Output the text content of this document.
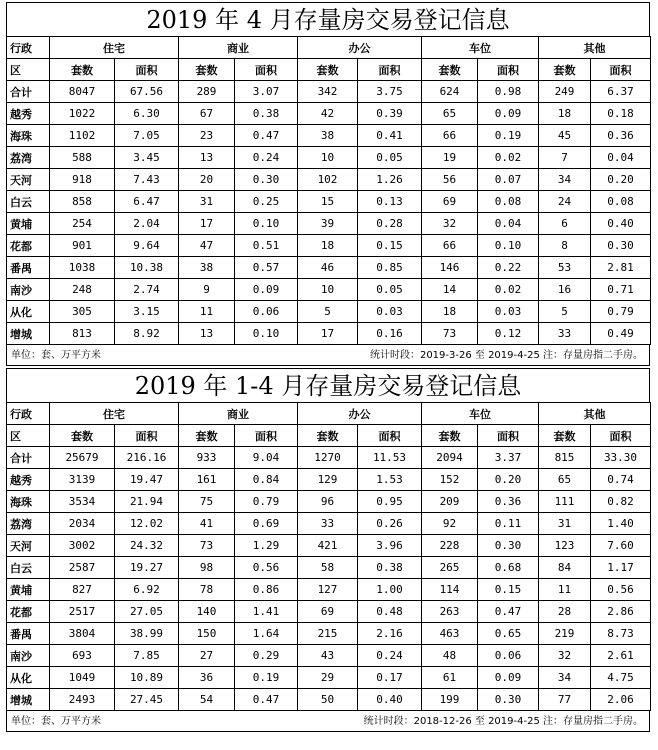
2019 年 4 月存量房交易登记信息
行政	住宅		商业		办公		车位		其他	
区	套数	面积	套数	面积	套数	面积	套数	面积	套数	面积
合计	8047	67.56	289	3.07	342	3.75	624	0.98	249	6.37
越秀	1022	6.30	67	0.38	42	0.39	65	0.09	18	0.18
海珠	1102	7.05	23	0.47	38	0.41	66	0.19	45	0.36
荔湾	588	3.45	13	0.24	10	0.05	19	0.02	7	0.04
天河	918	7.43	20	0.30	102	1.26	56	0.07	34	0.20
白云	858	6.47	31	0.25	15	0.13	69	0.08	24	0.08
黄埔	254	2.04	17	0.10	39	0.28	32	0.04	6	0.40
花都	901	9.64	47	0.51	18	0.15	66	0.10	8	0.30
番禺	1038	10.38	38	0.57	46	0.85	146	0.22	53	2.81
南沙	248	2.74	9	0.09	10	0.05	14	0.02	16	0.71
从化	305	3.15	11	0.06	5	0.03	18	0.03	5	0.79
增城	813	8.92	13	0.10	17	0.16	73	0.12	33	0.49
单位：套、万平方米	统计时段：2019-3-26 至 2019-4-25 注：存量房指二手房。
2019 年 1-4 月存量房交易登记信息
行政	住宅		商业		办公		车位		其他	
区	套数	面积	套数	面积	套数	面积	套数	面积	套数	面积
合计	25679	216.16	933	9.04	1270	11.53	2094	3.37	815	33.30
越秀	3139	19.47	161	0.84	129	1.53	152	0.20	65	0.74
海珠	3534	21.94	75	0.79	96	0.95	209	0.36	111	0.82
荔湾	2034	12.02	41	0.69	33	0.26	92	0.11	31	1.40
天河	3002	24.32	73	1.29	421	3.96	228	0.30	123	7.60
白云	2587	19.27	98	0.56	58	0.38	265	0.68	84	1.17
黄埔	827	6.92	78	0.86	127	1.00	114	0.15	11	0.56
花都	2517	27.05	140	1.41	69	0.48	263	0.47	28	2.86
番禺	3804	38.99	150	1.64	215	2.16	463	0.65	219	8.73
南沙	693	7.85	27	0.29	43	0.24	48	0.06	32	2.61
从化	1049	10.89	36	0.19	29	0.17	61	0.09	34	4.75
增城	2493	27.45	54	0.47	50	0.40	199	0.30	77	2.06
单位：套、万平方米	统计时段：2018-12-26 至 2019-4-25 注：存量房指二手房。
